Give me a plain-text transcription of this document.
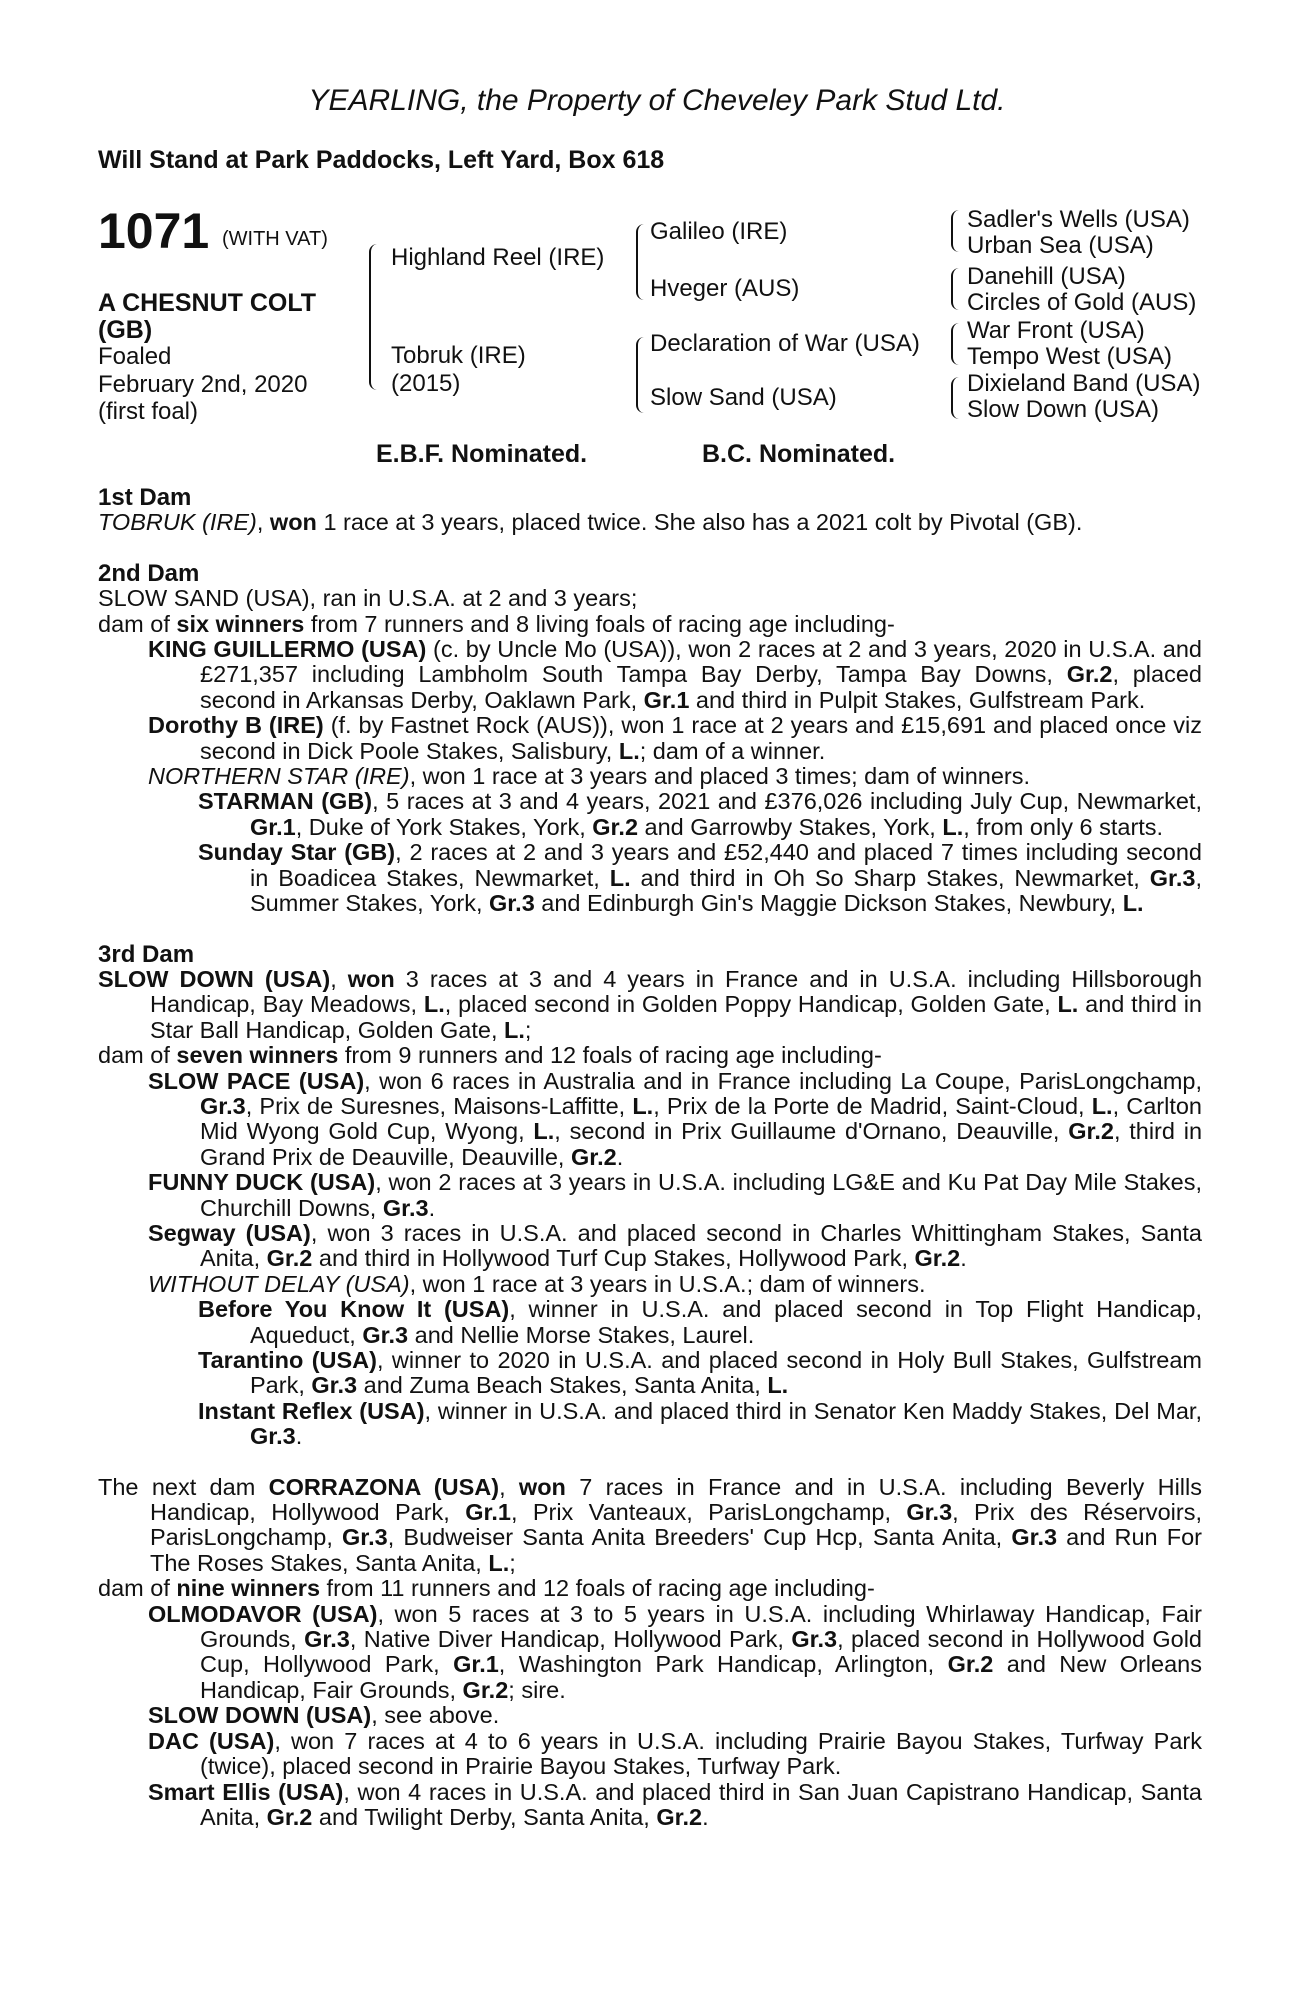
YEARLING, the Property of Cheveley Park Stud Ltd.
Will Stand at Park Paddocks, Left Yard, Box 618
1071 (WITH VAT)
A CHESNUT COLT
(GB)
Foaled
February 2nd, 2020
(first foal)
Highland Reel (IRE)
Tobruk (IRE)
(2015)
Galileo (IRE)
Hveger (AUS)
Declaration of War (USA)
Slow Sand (USA)
Sadler's Wells (USA)
Urban Sea (USA)
Danehill (USA)
Circles of Gold (AUS)
War Front (USA)
Tempo West (USA)
Dixieland Band (USA)
Slow Down (USA)
E.B.F. Nominated.	B.C. Nominated.

1st Dam

TOBRUK (IRE), won 1 race at 3 years, placed twice. She also has a 2021 colt by Pivotal (GB).

2nd Dam

SLOW SAND (USA), ran in U.S.A. at 2 and 3 years;

dam of six winners from 7 runners and 8 living foals of racing age including-

KING GUILLERMO (USA) (c. by Uncle Mo (USA)), won 2 races at 2 and 3 years, 2020 in U.S.A. and £271,357 including Lambholm South Tampa Bay Derby, Tampa Bay Downs, Gr.2, placed second in Arkansas Derby, Oaklawn Park, Gr.1 and third in Pulpit Stakes, Gulfstream Park.

Dorothy B (IRE) (f. by Fastnet Rock (AUS)), won 1 race at 2 years and £15,691 and placed once viz second in Dick Poole Stakes, Salisbury, L.; dam of a winner.

NORTHERN STAR (IRE), won 1 race at 3 years and placed 3 times; dam of winners.

STARMAN (GB), 5 races at 3 and 4 years, 2021 and £376,026 including July Cup, Newmarket, Gr.1, Duke of York Stakes, York, Gr.2 and Garrowby Stakes, York, L., from only 6 starts.

Sunday Star (GB), 2 races at 2 and 3 years and £52,440 and placed 7 times including second in Boadicea Stakes, Newmarket, L. and third in Oh So Sharp Stakes, Newmarket, Gr.3, Summer Stakes, York, Gr.3 and Edinburgh Gin's Maggie Dickson Stakes, Newbury, L.

3rd Dam

SLOW DOWN (USA), won 3 races at 3 and 4 years in France and in U.S.A. including Hillsborough Handicap, Bay Meadows, L., placed second in Golden Poppy Handicap, Golden Gate, L. and third in Star Ball Handicap, Golden Gate, L.;

dam of seven winners from 9 runners and 12 foals of racing age including-

SLOW PACE (USA), won 6 races in Australia and in France including La Coupe, ParisLongchamp, Gr.3, Prix de Suresnes, Maisons-Laffitte, L., Prix de la Porte de Madrid, Saint-Cloud, L., Carlton Mid Wyong Gold Cup, Wyong, L., second in Prix Guillaume d'Ornano, Deauville, Gr.2, third in Grand Prix de Deauville, Deauville, Gr.2.

FUNNY DUCK (USA), won 2 races at 3 years in U.S.A. including LG&E and Ku Pat Day Mile Stakes, Churchill Downs, Gr.3.

Segway (USA), won 3 races in U.S.A. and placed second in Charles Whittingham Stakes, Santa Anita, Gr.2 and third in Hollywood Turf Cup Stakes, Hollywood Park, Gr.2.

WITHOUT DELAY (USA), won 1 race at 3 years in U.S.A.; dam of winners.

Before You Know It (USA), winner in U.S.A. and placed second in Top Flight Handicap, Aqueduct, Gr.3 and Nellie Morse Stakes, Laurel.

Tarantino (USA), winner to 2020 in U.S.A. and placed second in Holy Bull Stakes, Gulfstream Park, Gr.3 and Zuma Beach Stakes, Santa Anita, L.

Instant Reflex (USA), winner in U.S.A. and placed third in Senator Ken Maddy Stakes, Del Mar, Gr.3.

The next dam CORRAZONA (USA), won 7 races in France and in U.S.A. including Beverly Hills Handicap, Hollywood Park, Gr.1, Prix Vanteaux, ParisLongchamp, Gr.3, Prix des Réservoirs, ParisLongchamp, Gr.3, Budweiser Santa Anita Breeders' Cup Hcp, Santa Anita, Gr.3 and Run For The Roses Stakes, Santa Anita, L.;

dam of nine winners from 11 runners and 12 foals of racing age including-

OLMODAVOR (USA), won 5 races at 3 to 5 years in U.S.A. including Whirlaway Handicap, Fair Grounds, Gr.3, Native Diver Handicap, Hollywood Park, Gr.3, placed second in Hollywood Gold Cup, Hollywood Park, Gr.1, Washington Park Handicap, Arlington, Gr.2 and New Orleans Handicap, Fair Grounds, Gr.2; sire.

SLOW DOWN (USA), see above.

DAC (USA), won 7 races at 4 to 6 years in U.S.A. including Prairie Bayou Stakes, Turfway Park (twice), placed second in Prairie Bayou Stakes, Turfway Park.

Smart Ellis (USA), won 4 races in U.S.A. and placed third in San Juan Capistrano Handicap, Santa Anita, Gr.2 and Twilight Derby, Santa Anita, Gr.2.
